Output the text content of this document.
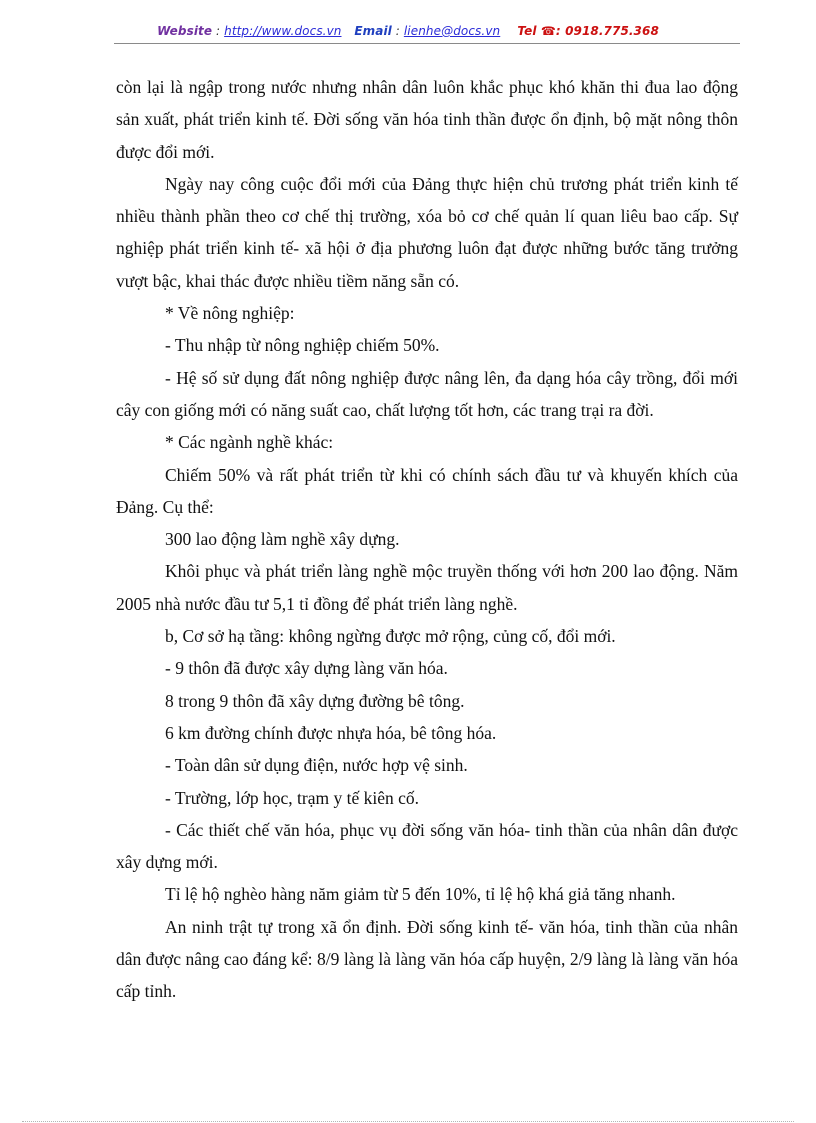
Website : http://www.docs.vn Email : lienhe@docs.vn Tel ☎: 0918.775.368

còn lại là ngập trong nước nhưng nhân dân luôn khắc phục khó khăn thi đua lao động sản xuất, phát triển kinh tế. Đời sống văn hóa tinh thần được ổn định, bộ mặt nông thôn được đổi mới.

Ngày nay công cuộc đổi mới của Đảng thực hiện chủ trương phát triển kinh tế nhiều thành phần theo cơ chế thị trường, xóa bỏ cơ chế quản lí quan liêu bao cấp. Sự nghiệp phát triển kinh tế- xã hội ở địa phương luôn đạt được những bước tăng trưởng vượt bậc, khai thác được nhiều tiềm năng sẵn có.

* Về nông nghiệp:

- Thu nhập từ nông nghiệp chiếm 50%.

- Hệ số sử dụng đất nông nghiệp được nâng lên, đa dạng hóa cây trồng, đổi mới cây con giống mới có năng suất cao, chất lượng tốt hơn, các trang trại ra đời.

* Các ngành nghề khác:

Chiếm 50% và rất phát triển từ khi có chính sách đầu tư và khuyến khích của Đảng. Cụ thể:

300 lao động làm nghề xây dựng.

Khôi phục và phát triển làng nghề mộc truyền thống với hơn 200 lao động. Năm 2005 nhà nước đầu tư 5,1 tỉ đồng để phát triển làng nghề.

b, Cơ sở hạ tầng: không ngừng được mở rộng, củng cố, đổi mới.

- 9 thôn đã được xây dựng làng văn hóa.

8 trong 9 thôn đã xây dựng đường bê tông.

6 km đường chính được nhựa hóa, bê tông hóa.

- Toàn dân sử dụng điện, nước hợp vệ sinh.

- Trường, lớp học, trạm y tế kiên cố.

- Các thiết chế văn hóa, phục vụ đời sống văn hóa- tinh thần của nhân dân được xây dựng mới.

Tỉ lệ hộ nghèo hàng năm giảm từ 5 đến 10%, tỉ lệ hộ khá giả tăng nhanh.

An ninh trật tự trong xã ổn định. Đời sống kinh tế- văn hóa, tinh thần của nhân dân được nâng cao đáng kể: 8/9 làng là làng văn hóa cấp huyện, 2/9 làng là làng văn hóa cấp tỉnh.
